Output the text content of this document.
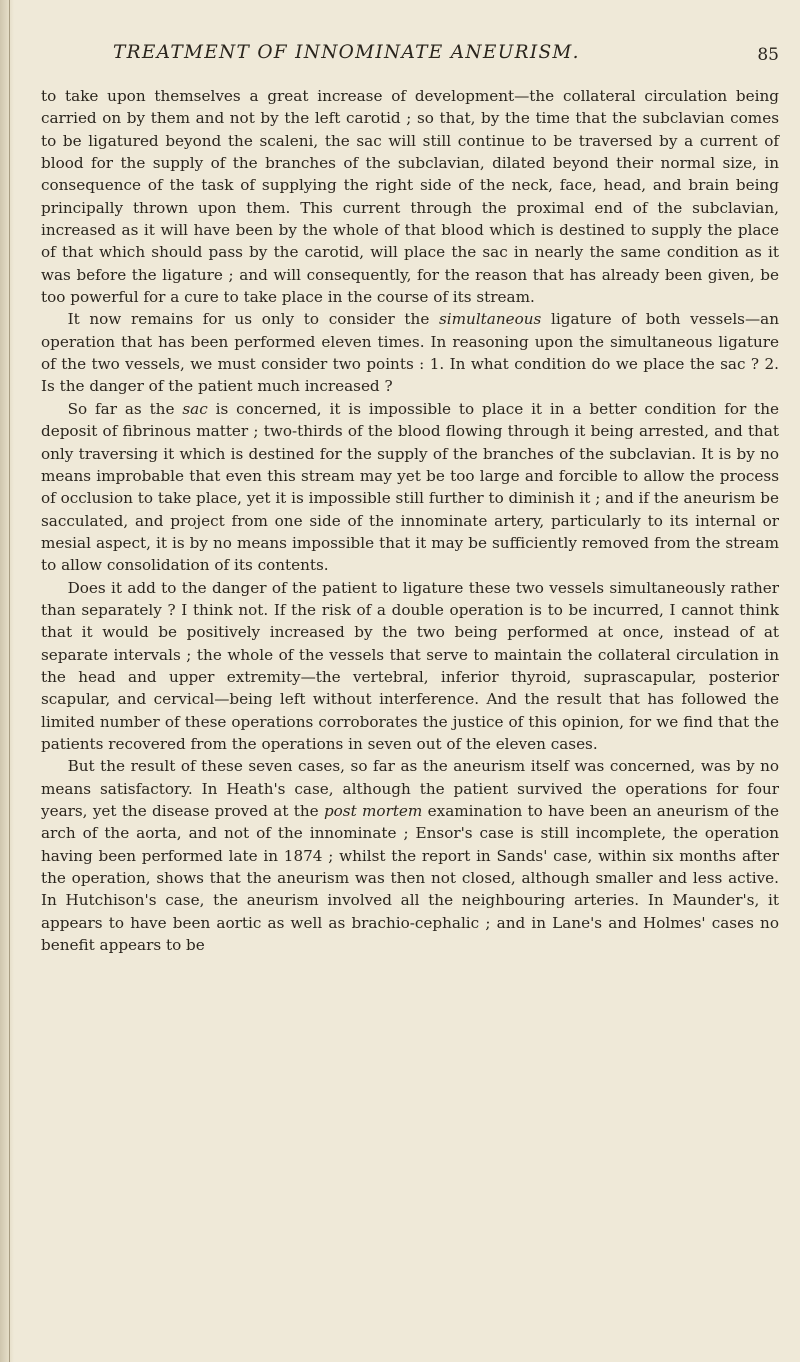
TREATMENT OF INNOMINATE ANEURISM.	85

to take upon themselves a great increase of development—the collateral circulation being carried on by them and not by the left carotid ; so that, by the time that the subclavian comes to be ligatured beyond the scaleni, the sac will still continue to be traversed by a current of blood for the supply of the branches of the subclavian, dilated beyond their normal size, in consequence of the task of supplying the right side of the neck, face, head, and brain being principally thrown upon them. This current through the proximal end of the subclavian, increased as it will have been by the whole of that blood which is destined to supply the place of that which should pass by the carotid, will place the sac in nearly the same condition as it was before the ligature ; and will consequently, for the reason that has already been given, be too powerful for a cure to take place in the course of its stream.

It now remains for us only to consider the simultaneous ligature of both vessels—an operation that has been performed eleven times. In reasoning upon the simultaneous ligature of the two vessels, we must consider two points : 1. In what condition do we place the sac ? 2. Is the danger of the patient much increased ?

So far as the sac is concerned, it is impossible to place it in a better condition for the deposit of fibrinous matter ; two-thirds of the blood flowing through it being arrested, and that only traversing it which is destined for the supply of the branches of the subclavian. It is by no means improbable that even this stream may yet be too large and forcible to allow the process of occlusion to take place, yet it is impossible still further to diminish it ; and if the aneurism be sacculated, and project from one side of the innominate artery, particularly to its internal or mesial aspect, it is by no means impossible that it may be sufficiently removed from the stream to allow consolidation of its contents.

Does it add to the danger of the patient to ligature these two vessels simultaneously rather than separately ? I think not. If the risk of a double operation is to be incurred, I cannot think that it would be positively increased by the two being performed at once, instead of at separate intervals ; the whole of the vessels that serve to maintain the collateral circulation in the head and upper extremity—the vertebral, inferior thyroid, suprascapular, posterior scapular, and cervical—being left without interference. And the result that has followed the limited number of these operations corroborates the justice of this opinion, for we find that the patients recovered from the operations in seven out of the eleven cases.

But the result of these seven cases, so far as the aneurism itself was concerned, was by no means satisfactory. In Heath's case, although the patient survived the operations for four years, yet the disease proved at the post mortem examination to have been an aneurism of the arch of the aorta, and not of the innominate ; Ensor's case is still incomplete, the operation having been performed late in 1874 ; whilst the report in Sands' case, within six months after the operation, shows that the aneurism was then not closed, although smaller and less active. In Hutchison's case, the aneurism involved all the neighbouring arteries. In Maunder's, it appears to have been aortic as well as brachio-cephalic ; and in Lane's and Holmes' cases no benefit appears to be
